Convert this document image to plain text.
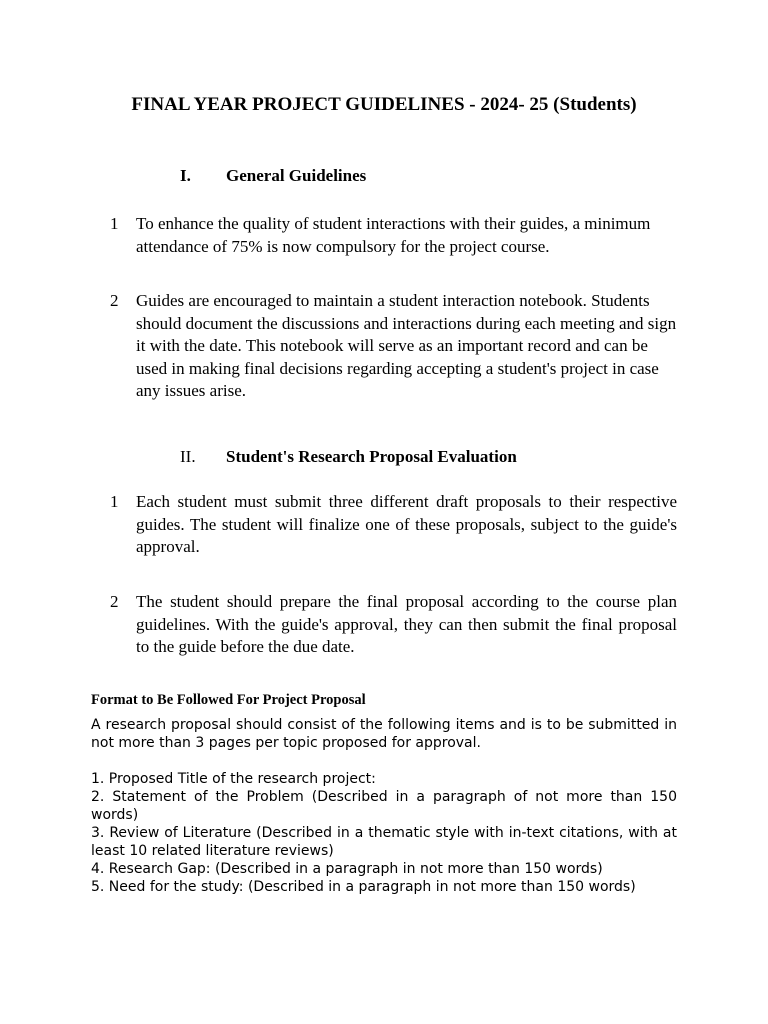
FINAL YEAR PROJECT GUIDELINES - 2024- 25 (Students)
I.	General Guidelines
1	To enhance the quality of student interactions with their guides, a minimum attendance of 75% is now compulsory for the project course.
2	Guides are encouraged to maintain a student interaction notebook. Students should document the discussions and interactions during each meeting and sign it with the date. This notebook will serve as an important record and can be used in making final decisions regarding accepting a student's project in case any issues arise.
II.	Student's Research Proposal Evaluation
1	Each student must submit three different draft proposals to their respective guides. The student will finalize one of these proposals, subject to the guide's approval.
2	The student should prepare the final proposal according to the course plan guidelines. With the guide's approval, they can then submit the final proposal to the guide before the due date.
Format to Be Followed For Project Proposal
A research proposal should consist of the following items and is to be submitted in not more than 3 pages per topic proposed for approval.
1. Proposed Title of the research project:
2. Statement of the Problem (Described in a paragraph of not more than 150 words)
3. Review of Literature (Described in a thematic style with in-text citations, with at least 10 related literature reviews)
4. Research Gap: (Described in a paragraph in not more than 150 words)
5. Need for the study: (Described in a paragraph in not more than 150 words)
